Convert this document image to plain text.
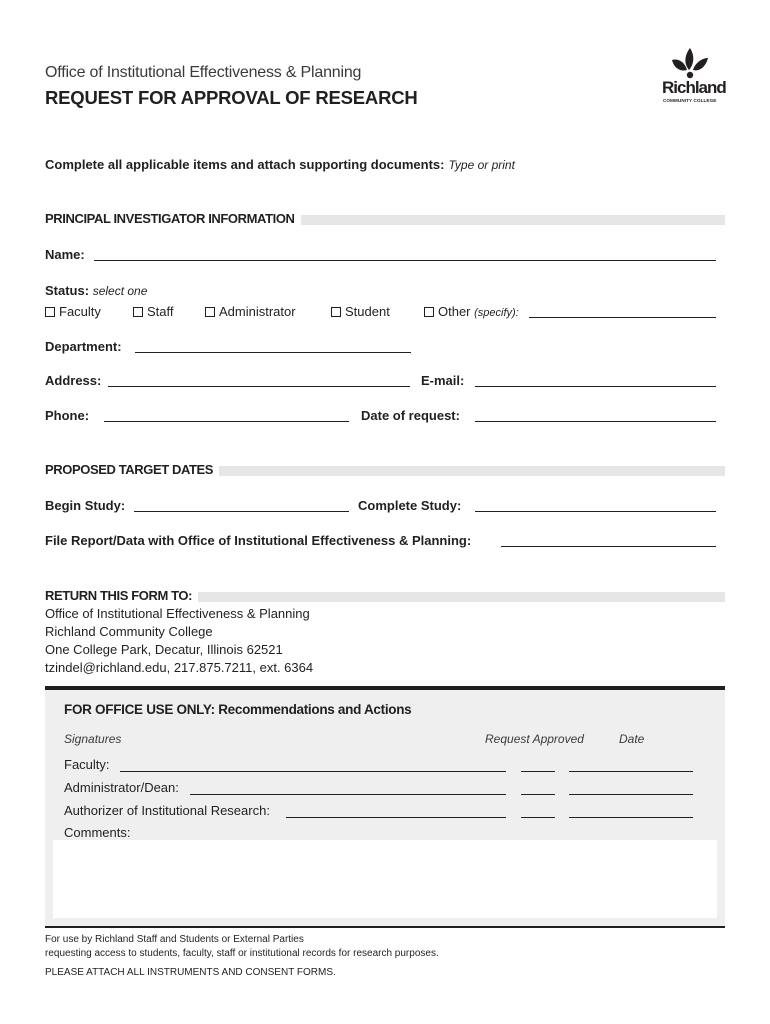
Office of Institutional Effectiveness & Planning
REQUEST FOR APPROVAL OF RESEARCH	Richland
COMMUNITY COLLEGE
Complete all applicable items and attach supporting documents: Type or print
PRINCIPAL INVESTIGATOR INFORMATION
Name:
Status: select one
Faculty	Staff	Administrator	Student	Other (specify):
Department:
Address:	E-mail:
Phone:	Date of request:
PROPOSED TARGET DATES
Begin Study:	Complete Study:
File Report/Data with Office of Institutional Effectiveness & Planning:
RETURN THIS FORM TO:
Office of Institutional Effectiveness & Planning
Richland Community College
One College Park, Decatur, Illinois 62521
tzindel@richland.edu, 217.875.7211, ext. 6364
FOR OFFICE USE ONLY: Recommendations and Actions
Signatures	Request Approved	Date
Faculty:
Administrator/Dean:
Authorizer of Institutional Research:
Comments:
For use by Richland Staff and Students or External Parties
requesting access to students, faculty, staff or institutional records for research purposes.
PLEASE ATTACH ALL INSTRUMENTS AND CONSENT FORMS.
